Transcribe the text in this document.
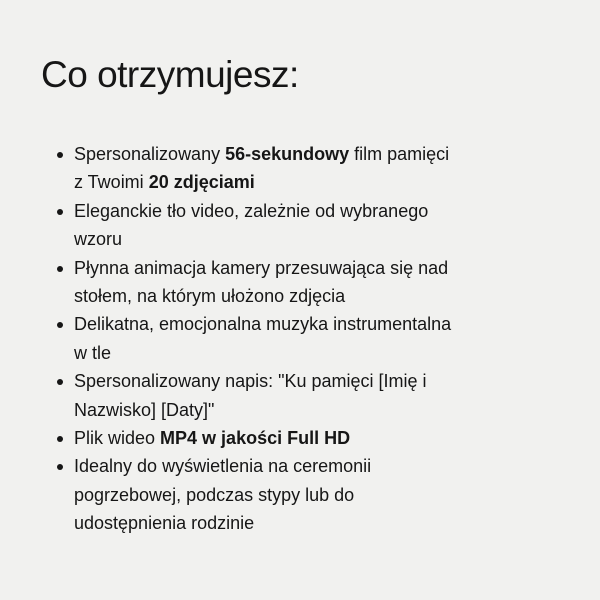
Co otrzymujesz:
Spersonalizowany 56-sekundowy film pamięci z Twoimi 20 zdjęciami
Eleganckie tło video, zależnie od wybranego wzoru
Płynna animacja kamery przesuwająca się nad stołem, na którym ułożono zdjęcia
Delikatna, emocjonalna muzyka instrumentalna w tle
Spersonalizowany napis: "Ku pamięci [Imię i Nazwisko] [Daty]"
Plik wideo MP4 w jakości Full HD
Idealny do wyświetlenia na ceremonii pogrzebowej, podczas stypy lub do udostępnienia rodzinie
